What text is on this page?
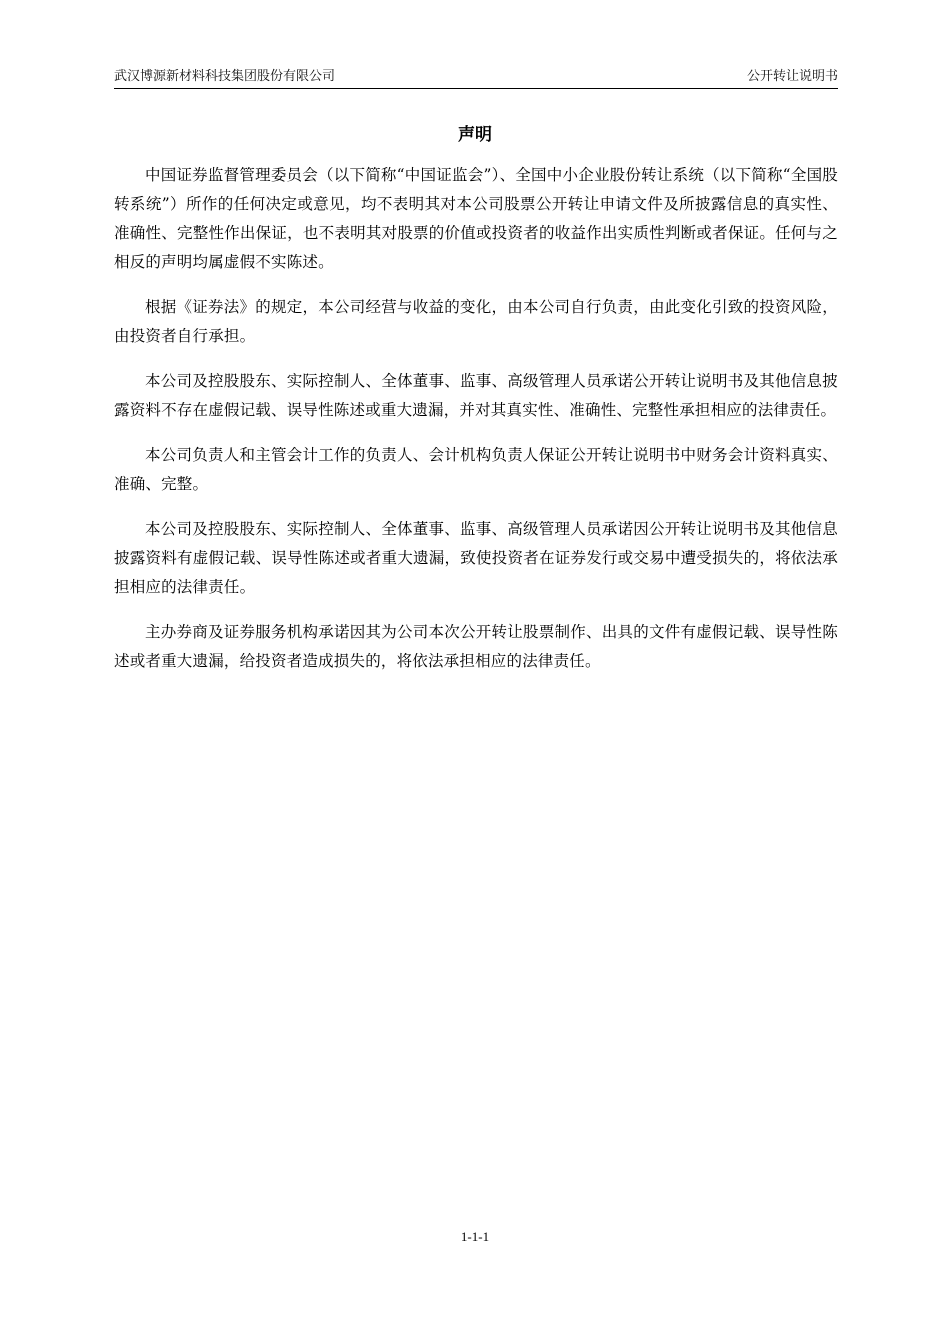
武汉博源新材料科技集团股份有限公司	公开转让说明书
声明

中国证券监督管理委员会（以下简称“中国证监会”）、全国中小企业股份转让系统（以下简称“全国股转系统”）所作的任何决定或意见，均不表明其对本公司股票公开转让申请文件及所披露信息的真实性、准确性、完整性作出保证，也不表明其对股票的价值或投资者的收益作出实质性判断或者保证。任何与之相反的声明均属虚假不实陈述。

根据《证券法》的规定，本公司经营与收益的变化，由本公司自行负责，由此变化引致的投资风险，由投资者自行承担。

本公司及控股股东、实际控制人、全体董事、监事、高级管理人员承诺公开转让说明书及其他信息披露资料不存在虚假记载、误导性陈述或重大遗漏，并对其真实性、准确性、完整性承担相应的法律责任。

本公司负责人和主管会计工作的负责人、会计机构负责人保证公开转让说明书中财务会计资料真实、准确、完整。

本公司及控股股东、实际控制人、全体董事、监事、高级管理人员承诺因公开转让说明书及其他信息披露资料有虚假记载、误导性陈述或者重大遗漏，致使投资者在证券发行或交易中遭受损失的，将依法承担相应的法律责任。

主办券商及证券服务机构承诺因其为公司本次公开转让股票制作、出具的文件有虚假记载、误导性陈述或者重大遗漏，给投资者造成损失的，将依法承担相应的法律责任。

1-1-1
